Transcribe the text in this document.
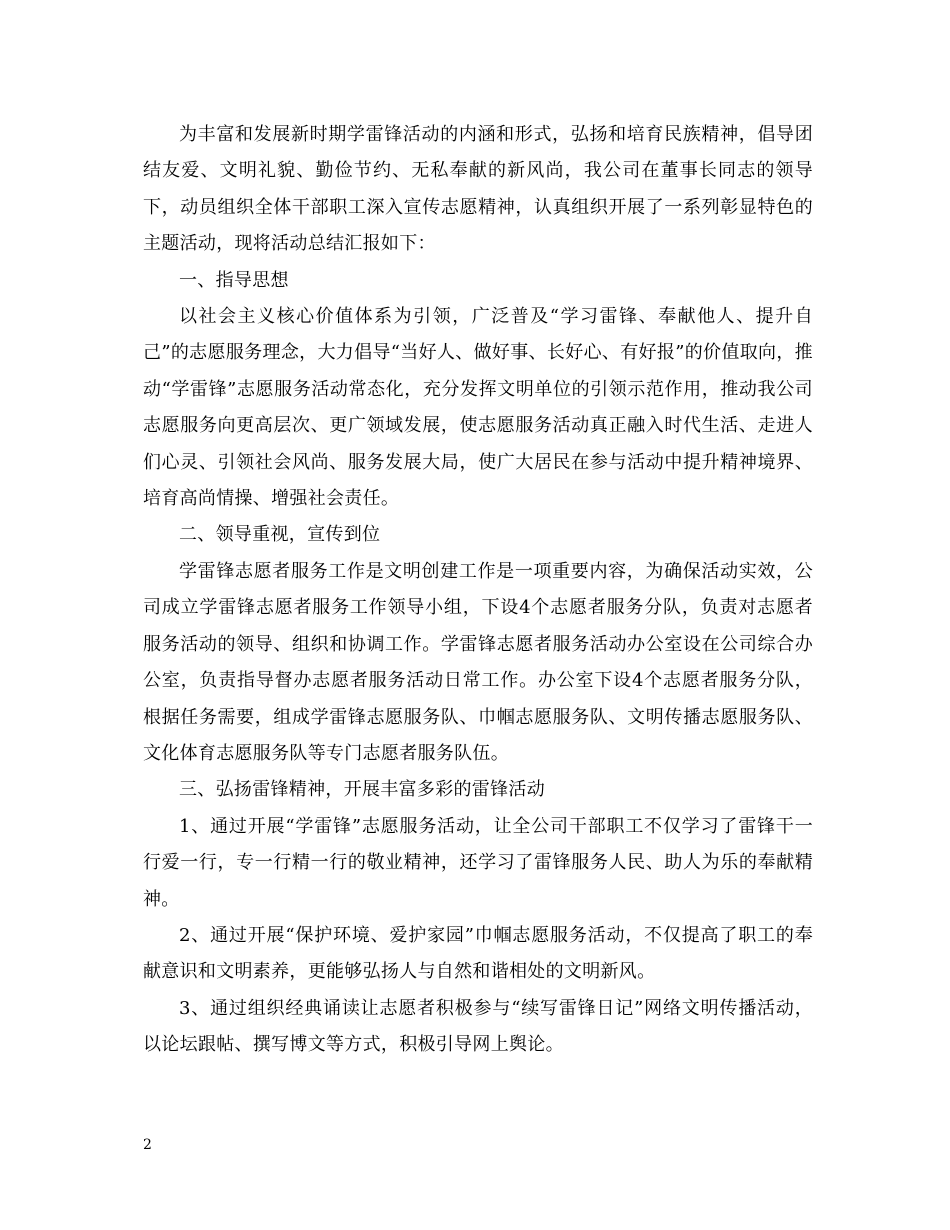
为丰富和发展新时期学雷锋活动的内涵和形式，弘扬和培育民族精神，倡导团结友爱、文明礼貌、勤俭节约、无私奉献的新风尚，我公司在董事长同志的领导下，动员组织全体干部职工深入宣传志愿精神，认真组织开展了一系列彰显特色的主题活动，现将活动总结汇报如下：

一、指导思想

以社会主义核心价值体系为引领，广泛普及“学习雷锋、奉献他人、提升自己”的志愿服务理念，大力倡导“当好人、做好事、长好心、有好报”的价值取向，推动“学雷锋”志愿服务活动常态化，充分发挥文明单位的引领示范作用，推动我公司志愿服务向更高层次、更广领域发展，使志愿服务活动真正融入时代生活、走进人们心灵、引领社会风尚、服务发展大局，使广大居民在参与活动中提升精神境界、培育高尚情操、增强社会责任。

二、领导重视，宣传到位

学雷锋志愿者服务工作是文明创建工作是一项重要内容，为确保活动实效，公司成立学雷锋志愿者服务工作领导小组，下设4个志愿者服务分队，负责对志愿者服务活动的领导、组织和协调工作。学雷锋志愿者服务活动办公室设在公司综合办公室，负责指导督办志愿者服务活动日常工作。办公室下设4个志愿者服务分队，根据任务需要，组成学雷锋志愿服务队、巾帼志愿服务队、文明传播志愿服务队、文化体育志愿服务队等专门志愿者服务队伍。

三、弘扬雷锋精神，开展丰富多彩的雷锋活动

1、通过开展“学雷锋”志愿服务活动，让全公司干部职工不仅学习了雷锋干一行爱一行，专一行精一行的敬业精神，还学习了雷锋服务人民、助人为乐的奉献精神。

2、通过开展“保护环境、爱护家园”巾帼志愿服务活动，不仅提高了职工的奉献意识和文明素养，更能够弘扬人与自然和谐相处的文明新风。

3、通过组织经典诵读让志愿者积极参与“续写雷锋日记”网络文明传播活动，以论坛跟帖、撰写博文等方式，积极引导网上舆论。

2
